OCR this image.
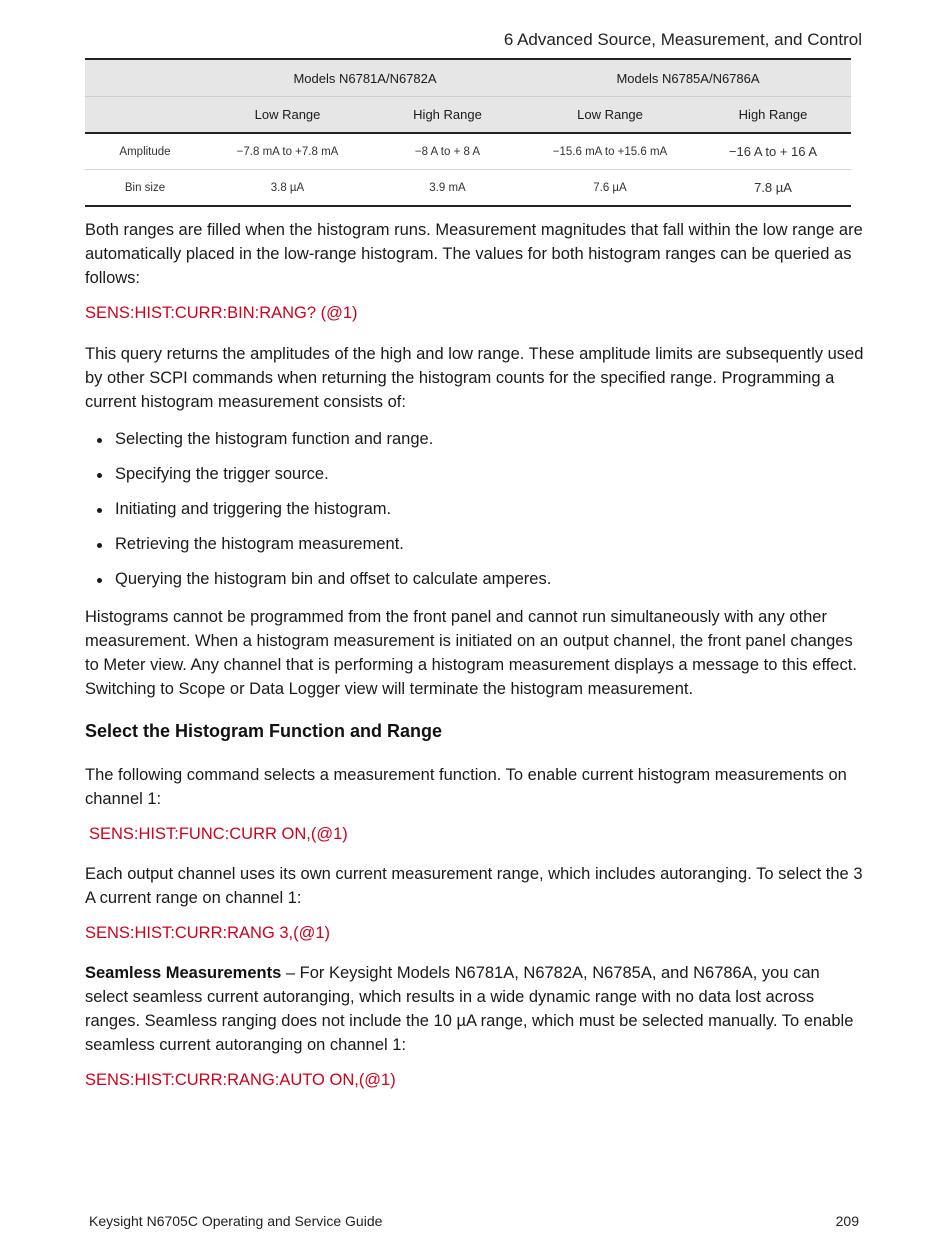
6 Advanced Source, Measurement, and Control
	Models N6781A/N6782A		Models N6785A/N6786A	
	Low Range	High Range	Low Range	High Range
Amplitude	−7.8 mA to +7.8 mA	−8 A to + 8 A	−15.6 mA to +15.6 mA	−16 A to + 16 A
Bin size	3.8 µA	3.9 mA	7.6 µA	7.8 µA

Both ranges are filled when the histogram runs. Measurement magnitudes that fall within the low range are automatically placed in the low-range histogram. The values for both histogram ranges can be queried as follows:

SENS:HIST:CURR:BIN:RANG? (@1)

This query returns the amplitudes of the high and low range. These amplitude limits are subsequently used by other SCPI commands when returning the histogram counts for the specified range. Programming a current histogram measurement consists of:

Selecting the histogram function and range.
Specifying the trigger source.
Initiating and triggering the histogram.
Retrieving the histogram measurement.
Querying the histogram bin and offset to calculate amperes.

Histograms cannot be programmed from the front panel and cannot run simultaneously with any other measurement. When a histogram measurement is initiated on an output channel, the front panel changes to Meter view. Any channel that is performing a histogram measurement displays a message to this effect. Switching to Scope or Data Logger view will terminate the histogram measurement.

Select the Histogram Function and Range

The following command selects a measurement function. To enable current histogram measurements on channel 1:

SENS:HIST:FUNC:CURR ON,(@1)

Each output channel uses its own current measurement range, which includes autoranging. To select the 3 A current range on channel 1:

SENS:HIST:CURR:RANG 3,(@1)

Seamless Measurements – For Keysight Models N6781A, N6782A, N6785A, and N6786A, you can select seamless current autoranging, which results in a wide dynamic range with no data lost across ranges. Seamless ranging does not include the 10 µA range, which must be selected manually. To enable seamless current autoranging on channel 1:

SENS:HIST:CURR:RANG:AUTO ON,(@1)

Keysight N6705C Operating and Service Guide	209
